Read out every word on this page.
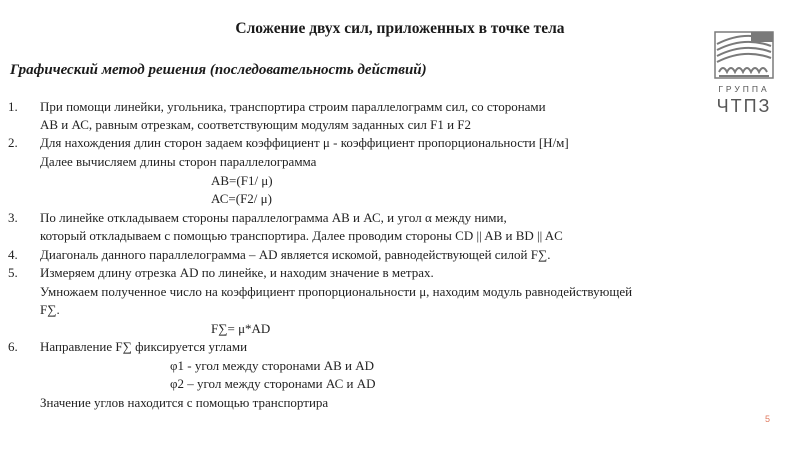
Сложение двух сил, приложенных в точке тела
Графический метод решения (последовательность действий)
ГРУППА
ЧТПЗ
1. При помощи линейки, угольника, транспортира строим параллелограмм сил, со сторонами
АВ и АС, равным отрезкам, соответствующим модулям заданных сил F1 и F2
2. Для нахождения длин сторон задаем коэффициент μ - коэффициент пропорциональности [Н/м]
Далее вычисляем длины сторон параллелограмма
АВ=(F1/ μ)
АС=(F2/ μ)
3. По линейке откладываем стороны параллелограмма АВ и АС, и угол α между ними,
который откладываем с помощью транспортира. Далее проводим стороны CD || AB и BD || AC
4. Диагональ данного параллелограмма – AD является искомой, равнодействующей силой F∑.
5. Измеряем длину отрезка AD по линейке, и находим значение в метрах.
Умножаем полученное число на коэффициент пропорциональности μ, находим модуль равнодействующей
F∑.
F∑= μ*AD
6. Направление F∑ фиксируется углами
φ1 - угол между сторонами АВ и AD
φ2 – угол между сторонами АС и AD
Значение углов находится с помощью транспортира
5
